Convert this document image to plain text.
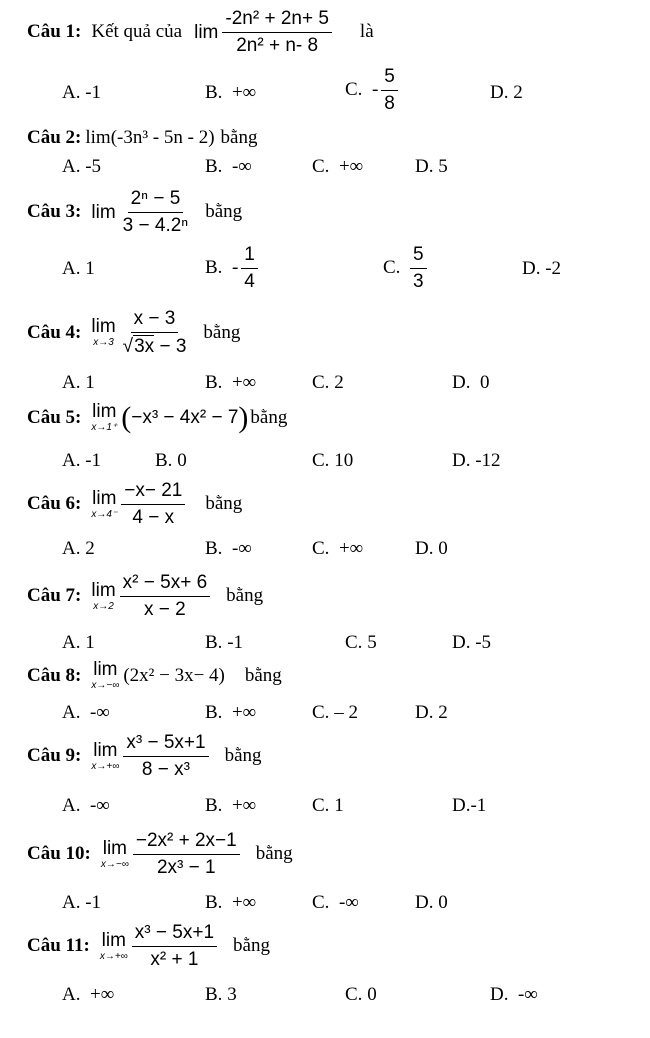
Câu 1: Kết quả của $\lim \frac{\text{-2n² + 2n+ 5}}{\text{2n² + n- 8}}$ là
A.
-1	B.
+∞	C.
- $\frac{5}{8}$	D.
2
Câu 2: lim(-3n³ - 5n - 2) bằng
A.
-5	B.
-∞	C.
+∞	D.
5
Câu 3: $\lim \frac{\text{2ⁿ − 5}}{\text{3 − 4.2ⁿ}}$ bằng
A.
1	B.
- $\frac{1}{4}$	C.
$\frac{5}{3}$	D.
-2
Câu 4: lim
$x\to 3 \frac{x - 3}{√3x - 3}$ bằng
A.
1	B.
+∞	C.
2	D.
0
Câu 5: lim
x→1⁺ ( −x³ − 4x² − 7 ) bằng
A.
-1	B.
0	C.
10	D.
-12
Câu 6: lim
$x\to 4^- \frac{-x- 21}{4 - x}$ bằng
A.
2	B.
-∞	C.
+∞	D.
0
Câu 7: lim
$x\to 2 \frac{\text{x² − 5x+ 6}}{x - 2}$ bằng
A.
1	B.
-1	C.
5	D.
-5
Câu 8: lim
x→−∞ (2x² − 3x− 4) bằng
A.
-∞	B.
+∞	C.
– 2	D.
2
Câu 9: lim
$x\to+\infty \frac{\text{x³ − 5x+1}}{\text{8 − x³}}$ bằng
A.
-∞	B.
+∞	C.
1	D. -1
Câu 10: lim
$x\to-\infty \frac{\text{−2x² + 2x−1}}{\text{2x³ − 1}}$ bằng
A.
-1	B.
+∞	C.
-∞	D.
0
Câu 11: lim
$x\to+\infty \frac{\text{x³ − 5x+1}}{\text{x² + 1}}$ bằng
A.
+∞	B.
3	C.
0	D.
-∞
